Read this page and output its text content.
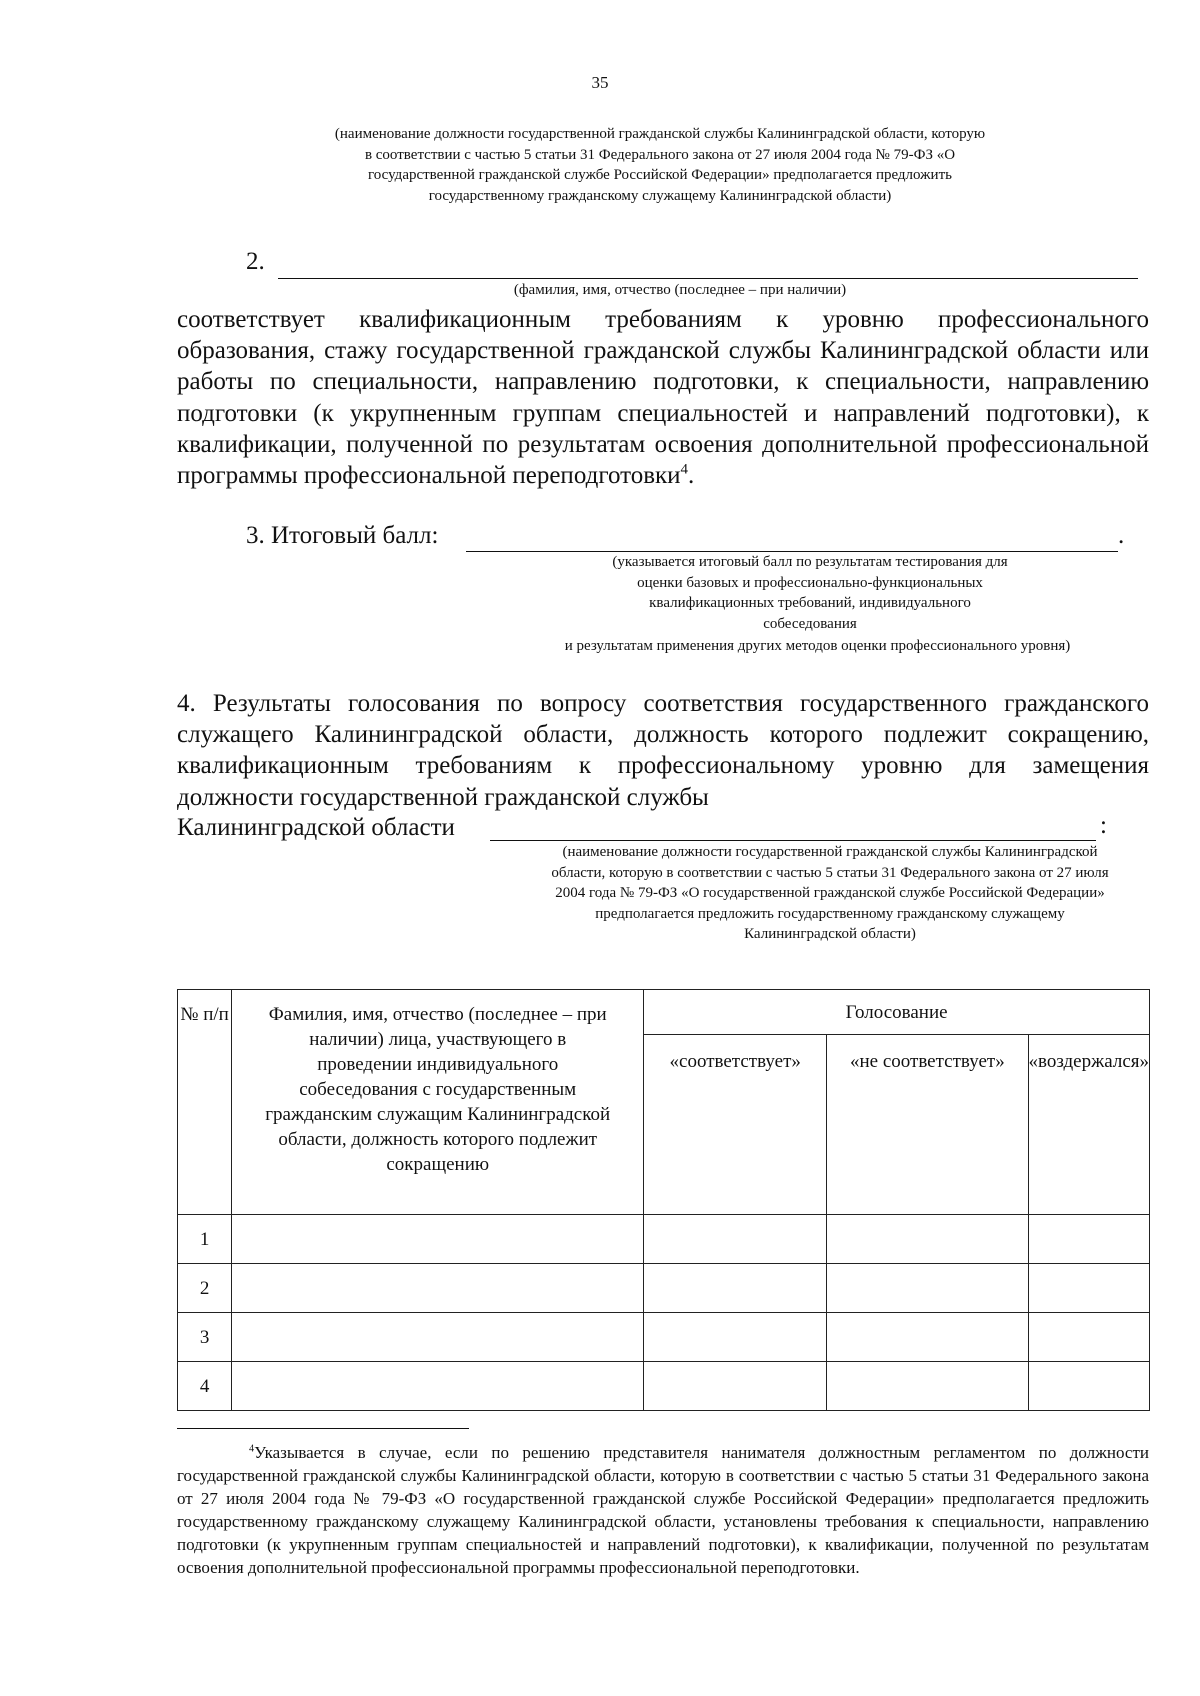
35
(наименование должности государственной гражданской службы Калининградской области, которую в соответствии с частью 5 статьи 31 Федерального закона от 27 июля 2004 года № 79-ФЗ «О государственной гражданской службе Российской Федерации» предполагается предложить государственному гражданскому служащему Калининградской области)
2.
(фамилия, имя, отчество (последнее – при наличии)
соответствует квалификационным требованиям к уровню профессионального образования, стажу государственной гражданской службы Калининградской области или работы по специальности, направлению подготовки, к специальности, направлению подготовки (к укрупненным группам специальностей и направлений подготовки), к квалификации, полученной по результатам освоения дополнительной профессиональной программы профессиональной переподготовки$^4$.
3. Итоговый балл:	.
(указывается итоговый балл по результатам тестирования для оценки базовых и профессионально-функциональных квалификационных требований, индивидуального собеседования
и результатам применения других методов оценки профессионального уровня)
4. Результаты голосования по вопросу соответствия государственного гражданского служащего Калининградской области, должность которого подлежит сокращению, квалификационным требованиям к профессиональному уровню для замещения должности государственной гражданской службы
Калининградской области	:
(наименование должности государственной гражданской службы Калининградской области, которую в соответствии с частью 5 статьи 31 Федерального закона от 27 июля 2004 года № 79-ФЗ «О государственной гражданской службе Российской Федерации» предполагается предложить государственному гражданскому служащему Калининградской области)
№ п/п	Фамилия, имя, отчество (последнее – при наличии) лица, участвующего в проведении индивидуального собеседования с государственным гражданским служащим Калининградской области, должность которого подлежит сокращению	Голосование		
		«соответствует»	«не соответствует»	«воздержался»
1				
2				
3				
4				
$^4$Указывается в случае, если по решению представителя нанимателя должностным регламентом по должности государственной гражданской службы Калининградской области, которую в соответствии с частью 5 статьи 31 Федерального закона от 27 июля 2004 года № 79-ФЗ «О государственной гражданской службе Российской Федерации» предполагается предложить государственному гражданскому служащему Калининградской области, установлены требования к специальности, направлению подготовки (к укрупненным группам специальностей и направлений подготовки), к квалификации, полученной по результатам освоения дополнительной профессиональной программы профессиональной переподготовки.
